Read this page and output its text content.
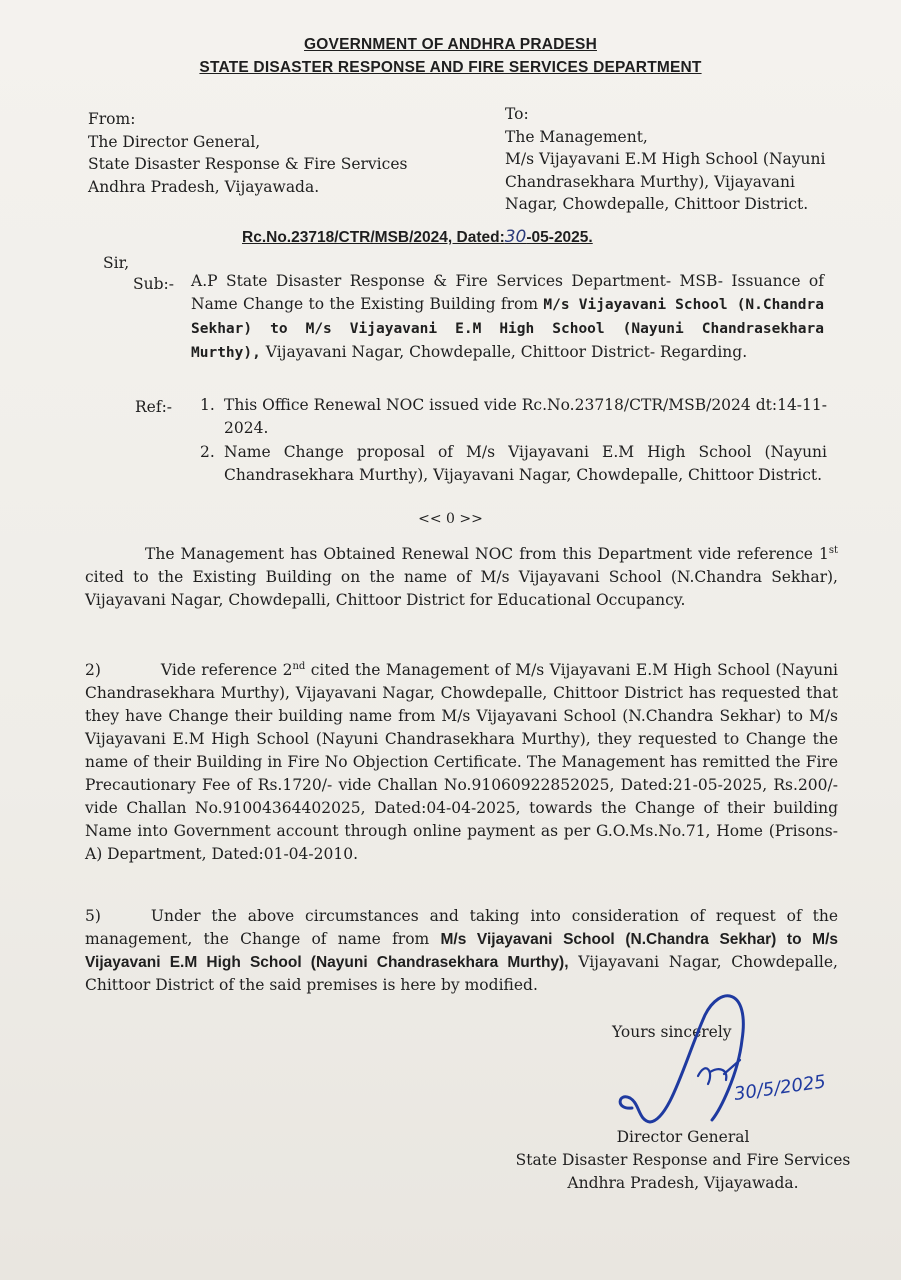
GOVERNMENT OF ANDHRA PRADESH
STATE DISASTER RESPONSE AND FIRE SERVICES DEPARTMENT
From:
The Director General,
State Disaster Response & Fire Services
Andhra Pradesh, Vijayawada.
To:
The Management,
M/s Vijayavani E.M High School (Nayuni
Chandrasekhara Murthy), Vijayavani
Nagar, Chowdepalle, Chittoor District.
Rc.No.23718/CTR/MSB/2024, Dated:30-05-2025.
Sir,
Sub:- A.P State Disaster Response & Fire Services Department- MSB- Issuance of Name Change to the Existing Building from M/s Vijayavani School (N.Chandra Sekhar) to M/s Vijayavani E.M High School (Nayuni Chandrasekhara Murthy), Vijayavani Nagar, Chowdepalle, Chittoor District- Regarding.
Ref:- 1. This Office Renewal NOC issued vide Rc.No.23718/CTR/MSB/2024 dt:14-11-2024.
2. Name Change proposal of M/s Vijayavani E.M High School (Nayuni Chandrasekhara Murthy), Vijayavani Nagar, Chowdepalle, Chittoor District.
<< 0 >>
The Management has Obtained Renewal NOC from this Department vide reference 1st cited to the Existing Building on the name of M/s Vijayavani School (N.Chandra Sekhar), Vijayavani Nagar, Chowdepalli, Chittoor District for Educational Occupancy.
2)	Vide reference 2nd cited the Management of M/s Vijayavani E.M High School (Nayuni Chandrasekhara Murthy), Vijayavani Nagar, Chowdepalle, Chittoor District has requested that they have Change their building name from M/s Vijayavani School (N.Chandra Sekhar) to M/s Vijayavani E.M High School (Nayuni Chandrasekhara Murthy), they requested to Change the name of their Building in Fire No Objection Certificate. The Management has remitted the Fire Precautionary Fee of Rs.1720/- vide Challan No.91060922852025, Dated:21-05-2025, Rs.200/- vide Challan No.91004364402025, Dated:04-04-2025, towards the Change of their building Name into Government account through online payment as per G.O.Ms.No.71, Home (Prisons-A) Department, Dated:01-04-2010.
5)	Under the above circumstances and taking into consideration of request of the management, the Change of name from M/s Vijayavani School (N.Chandra Sekhar) to M/s Vijayavani E.M High School (Nayuni Chandrasekhara Murthy), Vijayavani Nagar, Chowdepalle, Chittoor District of the said premises is here by modified.
Yours sincerely
30/5/2025
Director General
State Disaster Response and Fire Services
Andhra Pradesh, Vijayawada.
